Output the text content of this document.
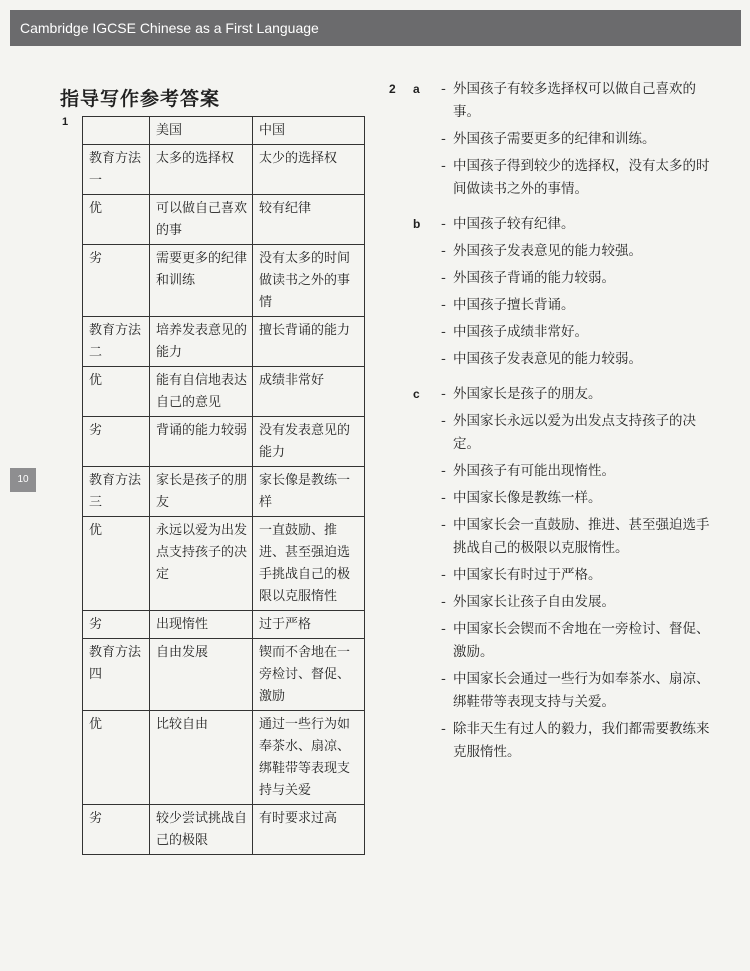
Cambridge IGCSE Chinese as a First Language
10
指导写作参考答案
1
	美国	中国
教育方法一	太多的选择权	太少的选择权
优	可以做自己喜欢的事	较有纪律
劣	需要更多的纪律和训练	没有太多的时间做读书之外的事情
教育方法二	培养发表意见的能力	擅长背诵的能力
优	能有自信地表达自己的意见	成绩非常好
劣	背诵的能力较弱	没有发表意见的能力
教育方法三	家长是孩子的朋友	家长像是教练一样
优	永远以爱为出发点支持孩子的决定	一直鼓励、推进、甚至强迫选手挑战自己的极限以克服惰性
劣	出现惰性	过于严格
教育方法四	自由发展	锲而不舍地在一旁检讨、督促、激励
优	比较自由	通过一些行为如奉茶水、扇凉、绑鞋带等表现支持与关爱
劣	较少尝试挑战自己的极限	有时要求过高
2 a	- 外国孩子有较多选择权可以做自己喜欢的事。
- 外国孩子需要更多的纪律和训练。
- 中国孩子得到较少的选择权，没有太多的时间做读书之外的事情。
b	- 中国孩子较有纪律。
- 外国孩子发表意见的能力较强。
- 外国孩子背诵的能力较弱。
- 中国孩子擅长背诵。
- 中国孩子成绩非常好。
- 中国孩子发表意见的能力较弱。
c	- 外国家长是孩子的朋友。
- 外国家长永远以爱为出发点支持孩子的决定。
- 外国孩子有可能出现惰性。
- 中国家长像是教练一样。
- 中国家长会一直鼓励、推进、甚至强迫选手挑战自己的极限以克服惰性。
- 中国家长有时过于严格。
- 外国家长让孩子自由发展。
- 中国家长会锲而不舍地在一旁检讨、督促、激励。
- 中国家长会通过一些行为如奉茶水、扇凉、绑鞋带等表现支持与关爱。
- 除非天生有过人的毅力，我们都需要教练来克服惰性。
